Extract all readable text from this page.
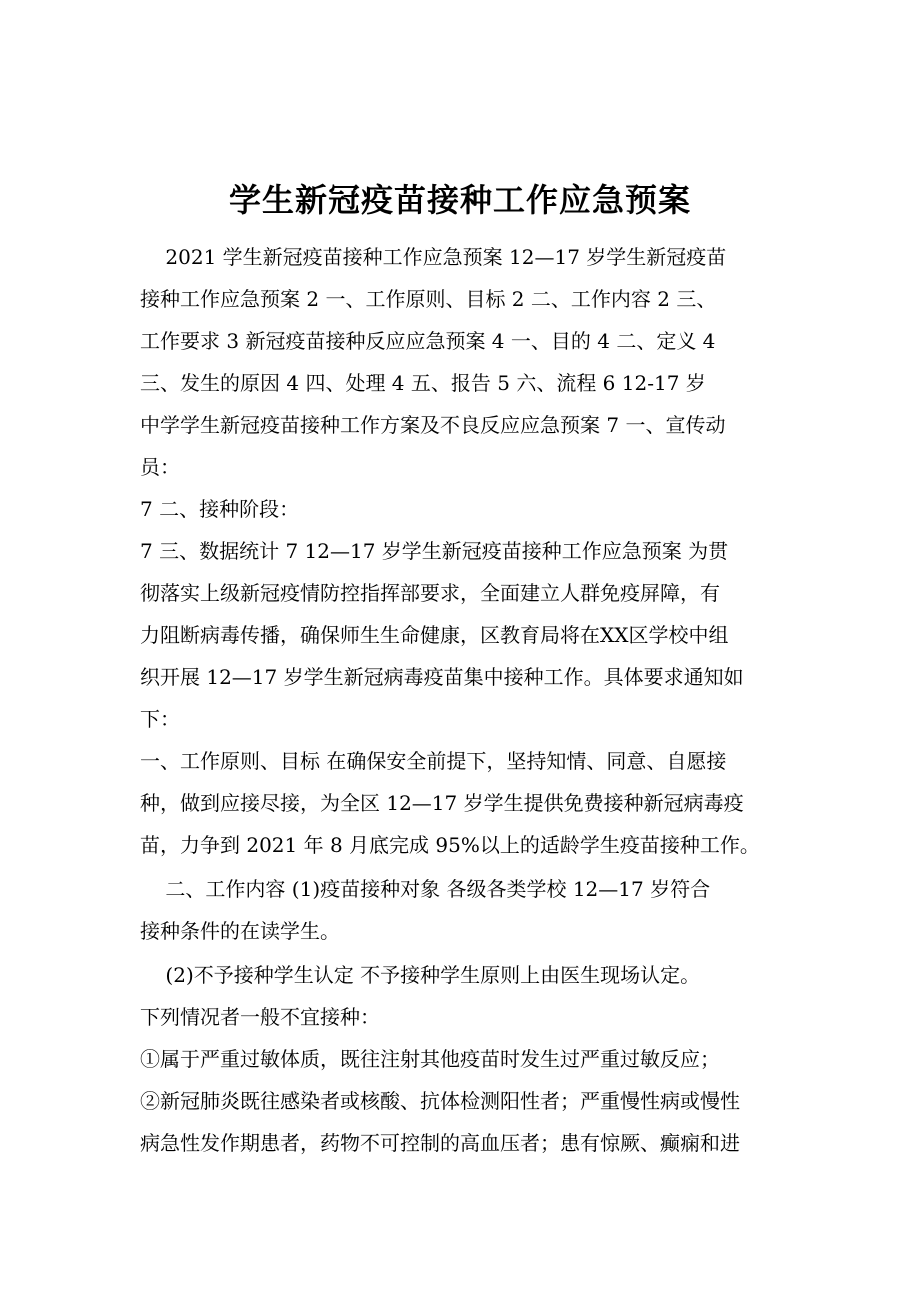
学生新冠疫苗接种工作应急预案
2021 学生新冠疫苗接种工作应急预案 12—17 岁学生新冠疫苗
接种工作应急预案 2 一、工作原则、目标 2 二、工作内容 2 三、
工作要求 3 新冠疫苗接种反应应急预案 4 一、目的 4 二、定义 4
三、发生的原因 4 四、处理 4 五、报告 5 六、流程 6 12-17 岁
中学学生新冠疫苗接种工作方案及不良反应应急预案 7 一、宣传动
员：
7 二、接种阶段：
7 三、数据统计 7 12—17 岁学生新冠疫苗接种工作应急预案 为贯
彻落实上级新冠疫情防控指挥部要求，全面建立人群免疫屏障，有
力阻断病毒传播，确保师生生命健康，区教育局将在XX区学校中组
织开展 12—17 岁学生新冠病毒疫苗集中接种工作。具体要求通知如
下：
一、工作原则、目标 在确保安全前提下，坚持知情、同意、自愿接
种，做到应接尽接，为全区 12—17 岁学生提供免费接种新冠病毒疫
苗，力争到 2021 年 8 月底完成 95%以上的适龄学生疫苗接种工作。
二、工作内容 (1)疫苗接种对象 各级各类学校 12—17 岁符合
接种条件的在读学生。
(2)不予接种学生认定 不予接种学生原则上由医生现场认定。
下列情况者一般不宜接种：
①属于严重过敏体质，既往注射其他疫苗时发生过严重过敏反应；
②新冠肺炎既往感染者或核酸、抗体检测阳性者；严重慢性病或慢性
病急性发作期患者，药物不可控制的高血压者；患有惊厥、癫痫和进
